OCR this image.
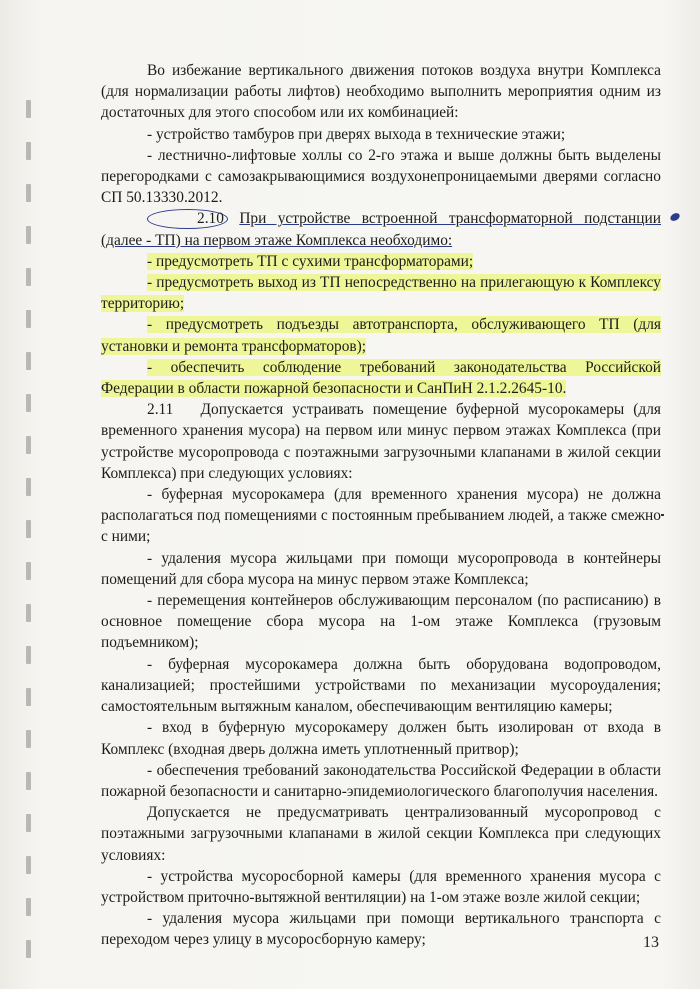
Во избежание вертикального движения потоков воздуха внутри Комплекса (для нормализации работы лифтов) необходимо выполнить мероприятия одним из достаточных для этого способом или их комбинацией:

- устройство тамбуров при дверях выхода в технические этажи;

- лестнично-лифтовые холлы со 2-го этажа и выше должны быть выделены перегородками с самозакрывающимися воздухонепроницаемыми дверями согласно СП 50.13330.2012.

2.10 При устройстве встроенной трансформаторной подстанции (далее - ТП) на первом этаже Комплекса необходимо:

- предусмотреть ТП с сухими трансформаторами;

- предусмотреть выход из ТП непосредственно на прилегающую к Комплексу территорию;

- предусмотреть подъезды автотранспорта, обслуживающего ТП (для установки и ремонта трансформаторов);

- обеспечить соблюдение требований законодательства Российской Федерации в области пожарной безопасности и СанПиН 2.1.2.2645-10.

2.11 Допускается устраивать помещение буферной мусорокамеры (для временного хранения мусора) на первом или минус первом этажах Комплекса (при устройстве мусоропровода с поэтажными загрузочными клапанами в жилой секции Комплекса) при следующих условиях:

- буферная мусорокамера (для временного хранения мусора) не должна располагаться под помещениями с постоянным пребыванием людей, а также смежно с ними;

- удаления мусора жильцами при помощи мусоропровода в контейнеры помещений для сбора мусора на минус первом этаже Комплекса;

- перемещения контейнеров обслуживающим персоналом (по расписанию) в основное помещение сбора мусора на 1-ом этаже Комплекса (грузовым подъемником);

- буферная мусорокамера должна быть оборудована водопроводом, канализацией; простейшими устройствами по механизации мусороудаления; самостоятельным вытяжным каналом, обеспечивающим вентиляцию камеры;

- вход в буферную мусорокамеру должен быть изолирован от входа в Комплекс (входная дверь должна иметь уплотненный притвор);

- обеспечения требований законодательства Российской Федерации в области пожарной безопасности и санитарно-эпидемиологического благополучия населения.

Допускается не предусматривать централизованный мусоропровод с поэтажными загрузочными клапанами в жилой секции Комплекса при следующих условиях:

- устройства мусоросборной камеры (для временного хранения мусора с устройством приточно-вытяжной вентиляции) на 1-ом этаже возле жилой секции;

- удаления мусора жильцами при помощи вертикального транспорта с переходом через улицу в мусоросборную камеру;	13
